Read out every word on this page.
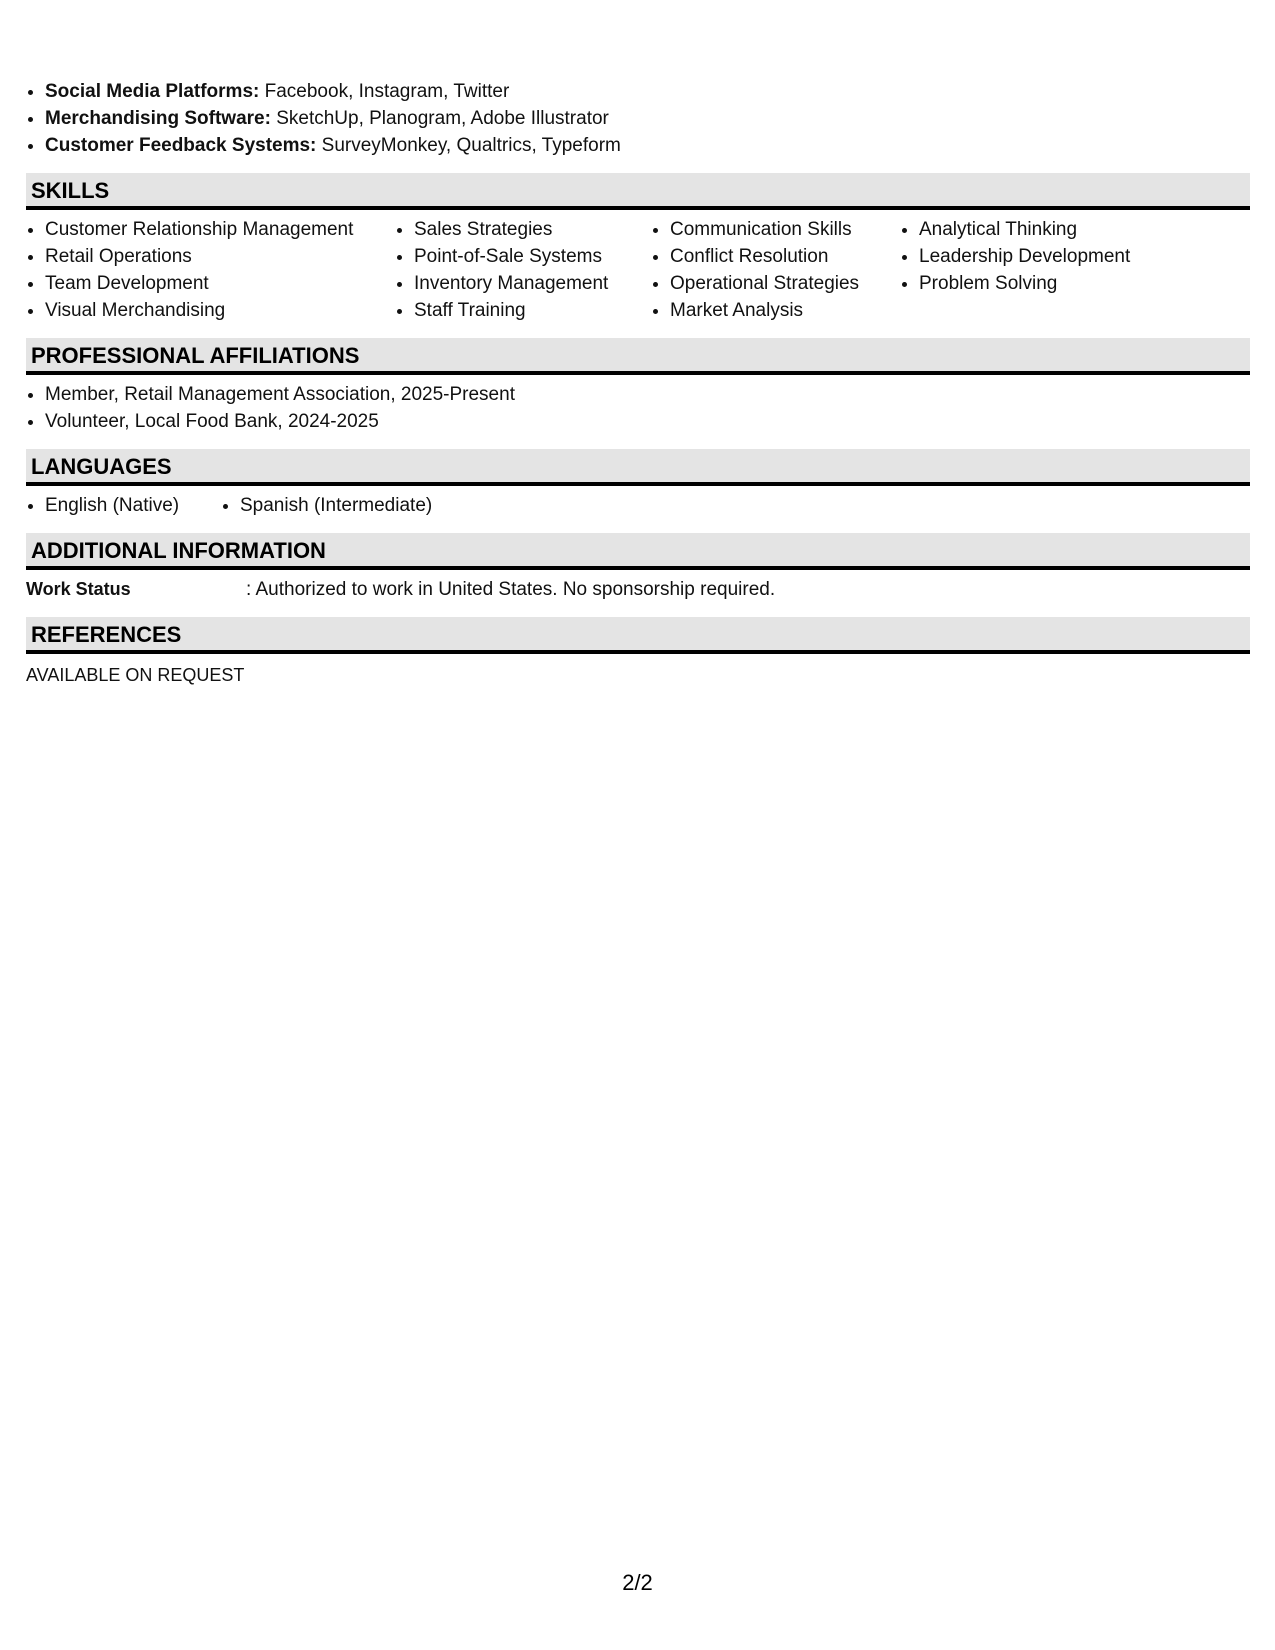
• Social Media Platforms: Facebook, Instagram, Twitter
• Merchandising Software: SketchUp, Planogram, Adobe Illustrator
• Customer Feedback Systems: SurveyMonkey, Qualtrics, Typeform
SKILLS
• Customer Relationship Management
• Retail Operations
• Team Development
• Visual Merchandising
• Sales Strategies
• Point-of-Sale Systems
• Inventory Management
• Staff Training
• Communication Skills
• Conflict Resolution
• Operational Strategies
• Market Analysis
• Analytical Thinking
• Leadership Development
• Problem Solving
PROFESSIONAL AFFILIATIONS
• Member, Retail Management Association, 2025-Present
• Volunteer, Local Food Bank, 2024-2025
LANGUAGES
• English (Native)
•	Spanish (Intermediate)
ADDITIONAL INFORMATION
Work Status	: Authorized to work in United States. No sponsorship required.
REFERENCES
AVAILABLE ON REQUEST
2/2
